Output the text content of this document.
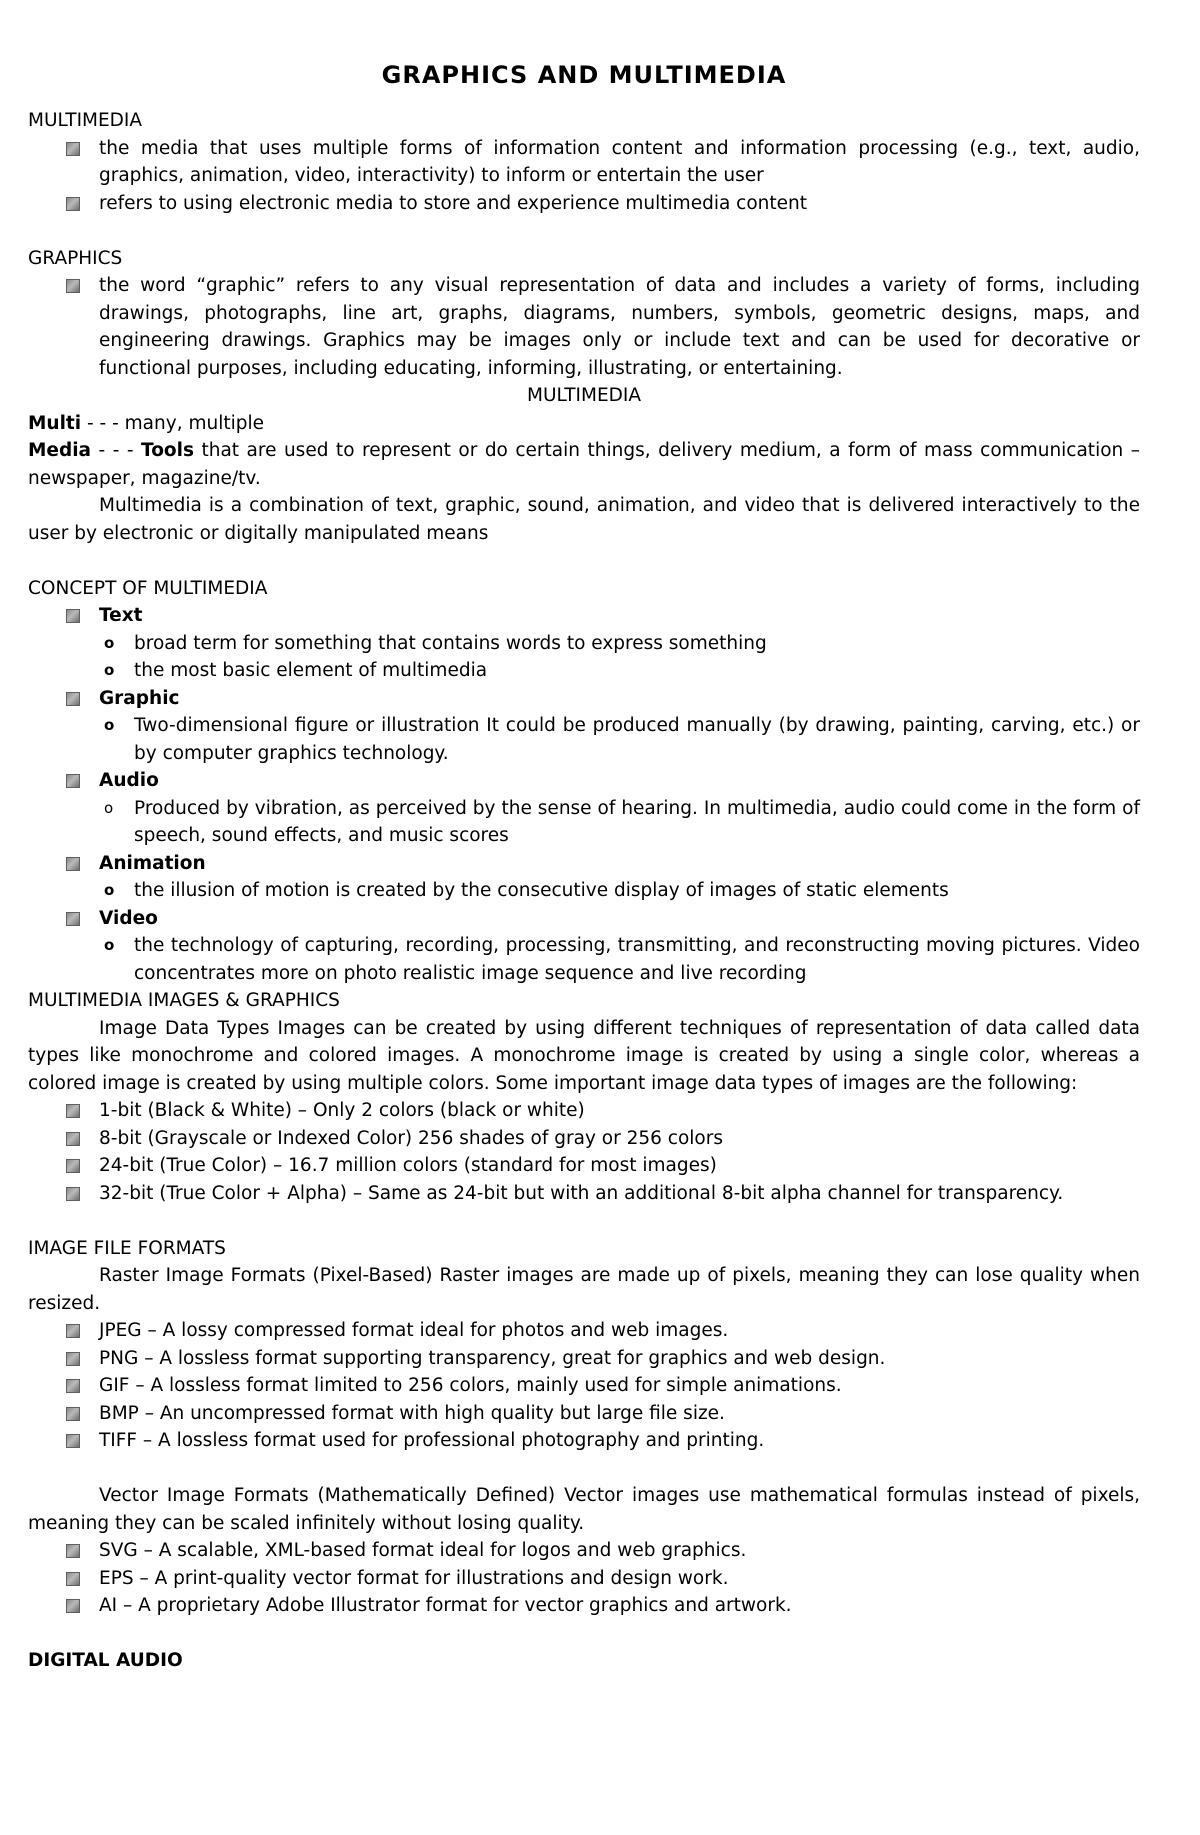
GRAPHICS AND MULTIMEDIA
MULTIMEDIA
the media that uses multiple forms of information content and information processing (e.g., text, audio, graphics, animation, video, interactivity) to inform or entertain the user
refers to using electronic media to store and experience multimedia content
GRAPHICS
the word “graphic” refers to any visual representation of data and includes a variety of forms, including drawings, photographs, line art, graphs, diagrams, numbers, symbols, geometric designs, maps, and engineering drawings. Graphics may be images only or include text and can be used for decorative or functional purposes, including educating, informing, illustrating, or entertaining.
MULTIMEDIA

Multi - - - many, multiple

Media - - - Tools that are used to represent or do certain things, delivery medium, a form of mass communication – newspaper, magazine/tv.

Multimedia is a combination of text, graphic, sound, animation, and video that is delivered interactively to the user by electronic or digitally manipulated means

CONCEPT OF MULTIMEDIA
Text
o broad term for something that contains words to express something
o the most basic element of multimedia
Graphic
o Two-dimensional figure or illustration It could be produced manually (by drawing, painting, carving, etc.) or by computer graphics technology.
Audio
o Produced by vibration, as perceived by the sense of hearing. In multimedia, audio could come in the form of speech, sound effects, and music scores
Animation
o the illusion of motion is created by the consecutive display of images of static elements
Video
o the technology of capturing, recording, processing, transmitting, and reconstructing moving pictures. Video concentrates more on photo realistic image sequence and live recording
MULTIMEDIA IMAGES & GRAPHICS

Image Data Types Images can be created by using different techniques of representation of data called data types like monochrome and colored images. A monochrome image is created by using a single color, whereas a colored image is created by using multiple colors. Some important image data types of images are the following:

1-bit (Black & White) – Only 2 colors (black or white)
8-bit (Grayscale or Indexed Color) 256 shades of gray or 256 colors
24-bit (True Color) – 16.7 million colors (standard for most images)
32-bit (True Color + Alpha) – Same as 24-bit but with an additional 8-bit alpha channel for transparency.
IMAGE FILE FORMATS

Raster Image Formats (Pixel-Based) Raster images are made up of pixels, meaning they can lose quality when resized.

JPEG – A lossy compressed format ideal for photos and web images.
PNG – A lossless format supporting transparency, great for graphics and web design.
GIF – A lossless format limited to 256 colors, mainly used for simple animations.
BMP – An uncompressed format with high quality but large file size.
TIFF – A lossless format used for professional photography and printing.

Vector Image Formats (Mathematically Defined) Vector images use mathematical formulas instead of pixels, meaning they can be scaled infinitely without losing quality.

SVG – A scalable, XML-based format ideal for logos and web graphics.
EPS – A print-quality vector format for illustrations and design work.
AI – A proprietary Adobe Illustrator format for vector graphics and artwork.
DIGITAL AUDIO
